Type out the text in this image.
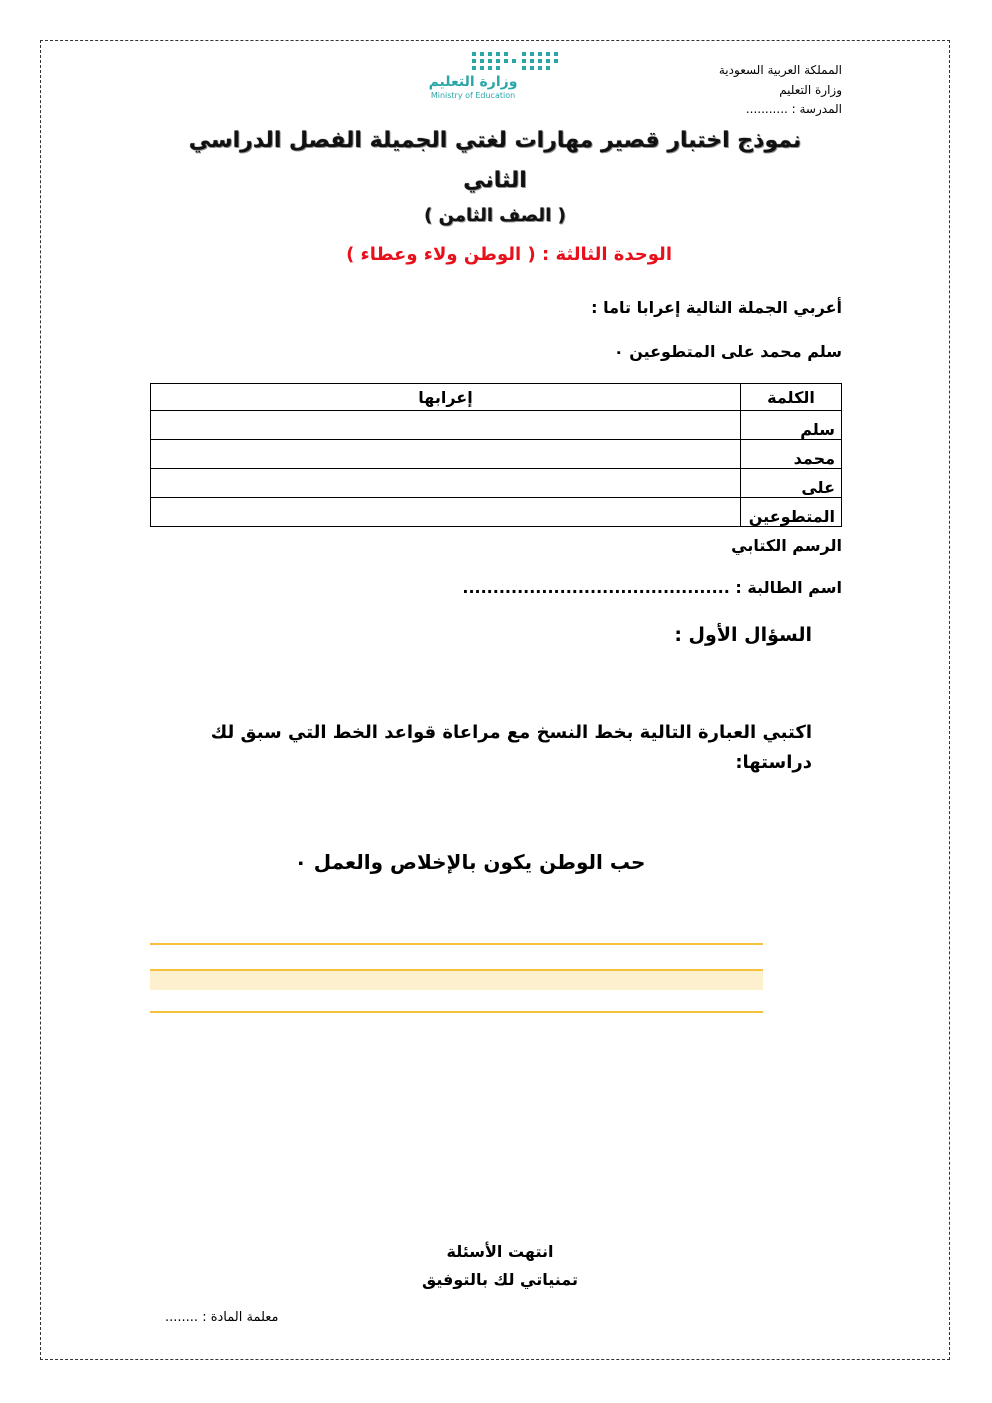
المملكة العربية السعودية
وزارة التعليم
المدرسة : ...........
وزارة التعليم
Ministry of Education
نموذج اختبار قصير مهارات لغتي الجميلة الفصل الدراسي
الثاني
( الصف الثامن )
الوحدة الثالثة : ( الوطن ولاء وعطاء )
أعربي الجملة التالية إعرابا تاما :
سلم محمد على المتطوعين ٠
الكلمة	إعرابها
سلم	
محمد	
على	
المتطوعين	
الرسم الكتابي
اسم الطالبة : ............................................
السؤال الأول :
اكتبي العبارة التالية بخط النسخ مع مراعاة قواعد الخط التي سبق لك دراستها:
حب الوطن يكون بالإخلاص والعمل ٠
انتهت الأسئلة
تمنياتي لك بالتوفيق
معلمة المادة : ........
